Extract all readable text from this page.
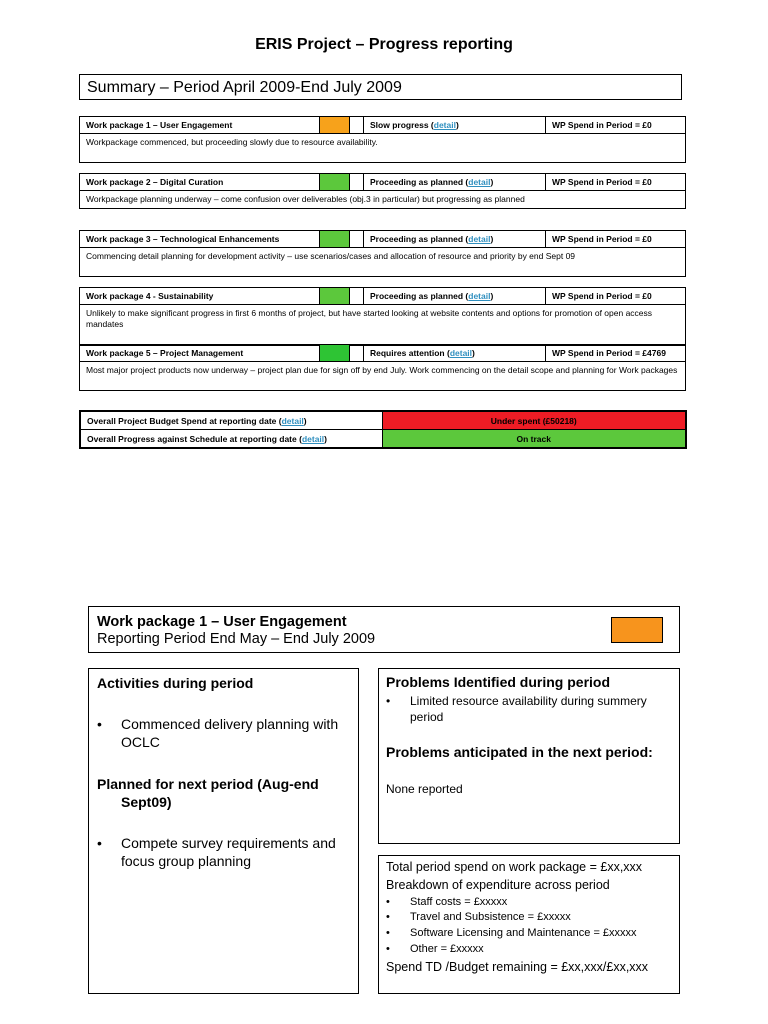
ERIS Project – Progress reporting
Summary – Period April 2009-End July 2009
Work package 1 – User Engagement			Slow progress (detail)	WP Spend in Period = £0
Workpackage commenced, but proceeding slowly due to resource availability.
Work package 2 – Digital Curation			Proceeding as planned (detail)	WP Spend in Period = £0
Workpackage planning underway – come confusion over deliverables (obj.3 in particular) but progressing as planned
Work package 3 – Technological Enhancements			Proceeding as planned (detail)	WP Spend in Period = £0
Commencing detail planning for development activity – use scenarios/cases and allocation of resource and priority by end Sept 09
Work package 4 - Sustainability			Proceeding as planned (detail)	WP Spend in Period = £0
Unlikely to make significant progress in first 6 months of project, but have started looking at website contents and options for promotion of open access mandates
Work package 5 – Project Management			Requires attention (detail)	WP Spend in Period = £4769
Most major project products now underway – project plan due for sign off by end July. Work commencing on the detail scope and planning for Work packages
Overall Project Budget Spend at reporting date (detail)	Under spent (£50218)
Overall Progress against Schedule at reporting date (detail)	On track
Work package 1 – User Engagement
Reporting Period End May – End July 2009
Activities during period
• Commenced delivery planning with OCLC
Planned for next period (Aug-end Sept09)
• Compete survey requirements and focus group planning
Problems Identified during period
• Limited resource availability during summery period
Problems anticipated in the next period:
None reported
Total period spend on work package = £xx,xxx
Breakdown of expenditure across period
• Staff costs = £xxxxx
• Travel and Subsistence = £xxxxx
• Software Licensing and Maintenance = £xxxxx
• Other = £xxxxx
Spend TD /Budget remaining = £xx,xxx/£xx,xxx
